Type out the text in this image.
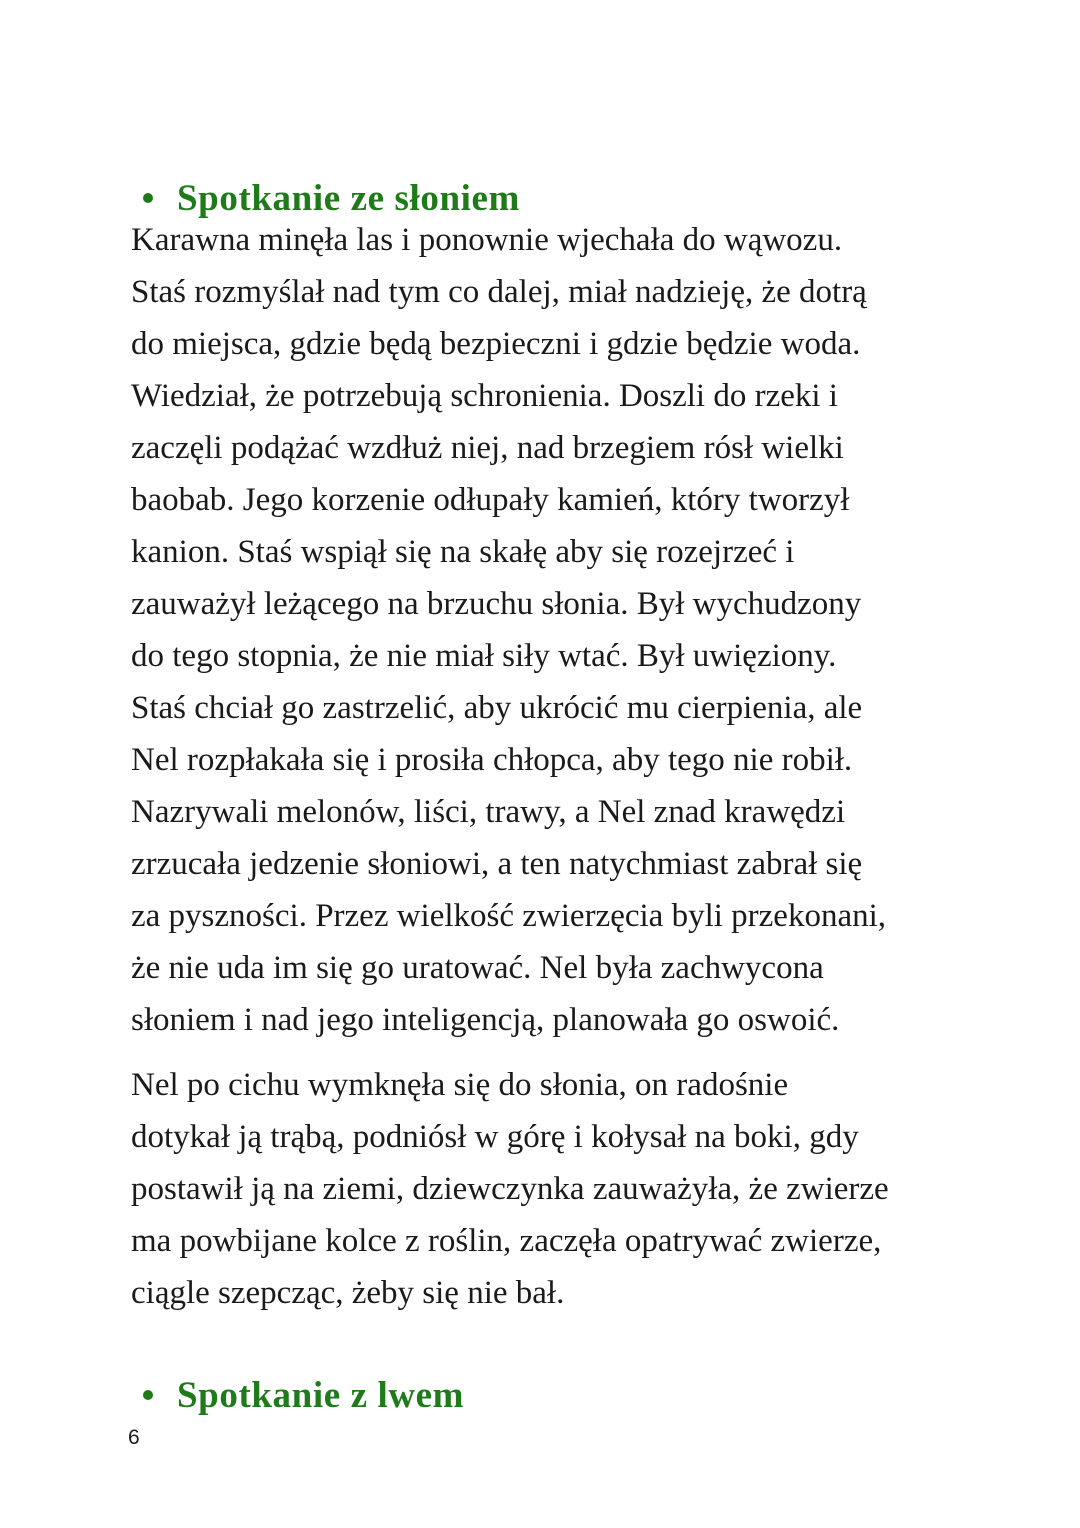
Spotkanie ze słoniem

Karawna minęła las i ponownie wjechała do wąwozu.
Staś rozmyślał nad tym co dalej, miał nadzieję, że dotrą
do miejsca, gdzie będą bezpieczni i gdzie będzie woda.
Wiedział, że potrzebują schronienia. Doszli do rzeki i
zaczęli podążać wzdłuż niej, nad brzegiem rósł wielki
baobab. Jego korzenie odłupały kamień, który tworzył
kanion. Staś wspiął się na skałę aby się rozejrzeć i
zauważył leżącego na brzuchu słonia. Był wychudzony
do tego stopnia, że nie miał siły wtać. Był uwięziony.
Staś chciał go zastrzelić, aby ukrócić mu cierpienia, ale
Nel rozpłakała się i prosiła chłopca, aby tego nie robił.
Nazrywali melonów, liści, trawy, a Nel znad krawędzi
zrzucała jedzenie słoniowi, a ten natychmiast zabrał się
za pyszności. Przez wielkość zwierzęcia byli przekonani,
że nie uda im się go uratować. Nel była zachwycona
słoniem i nad jego inteligencją, planowała go oswoić.

Nel po cichu wymknęła się do słonia, on radośnie
dotykał ją trąbą, podniósł w górę i kołysał na boki, gdy
postawił ją na ziemi, dziewczynka zauważyła, że zwierze
ma powbijane kolce z roślin, zaczęła opatrywać zwierze,
ciągle szepcząc, żeby się nie bał.

Spotkanie z lwem
6
